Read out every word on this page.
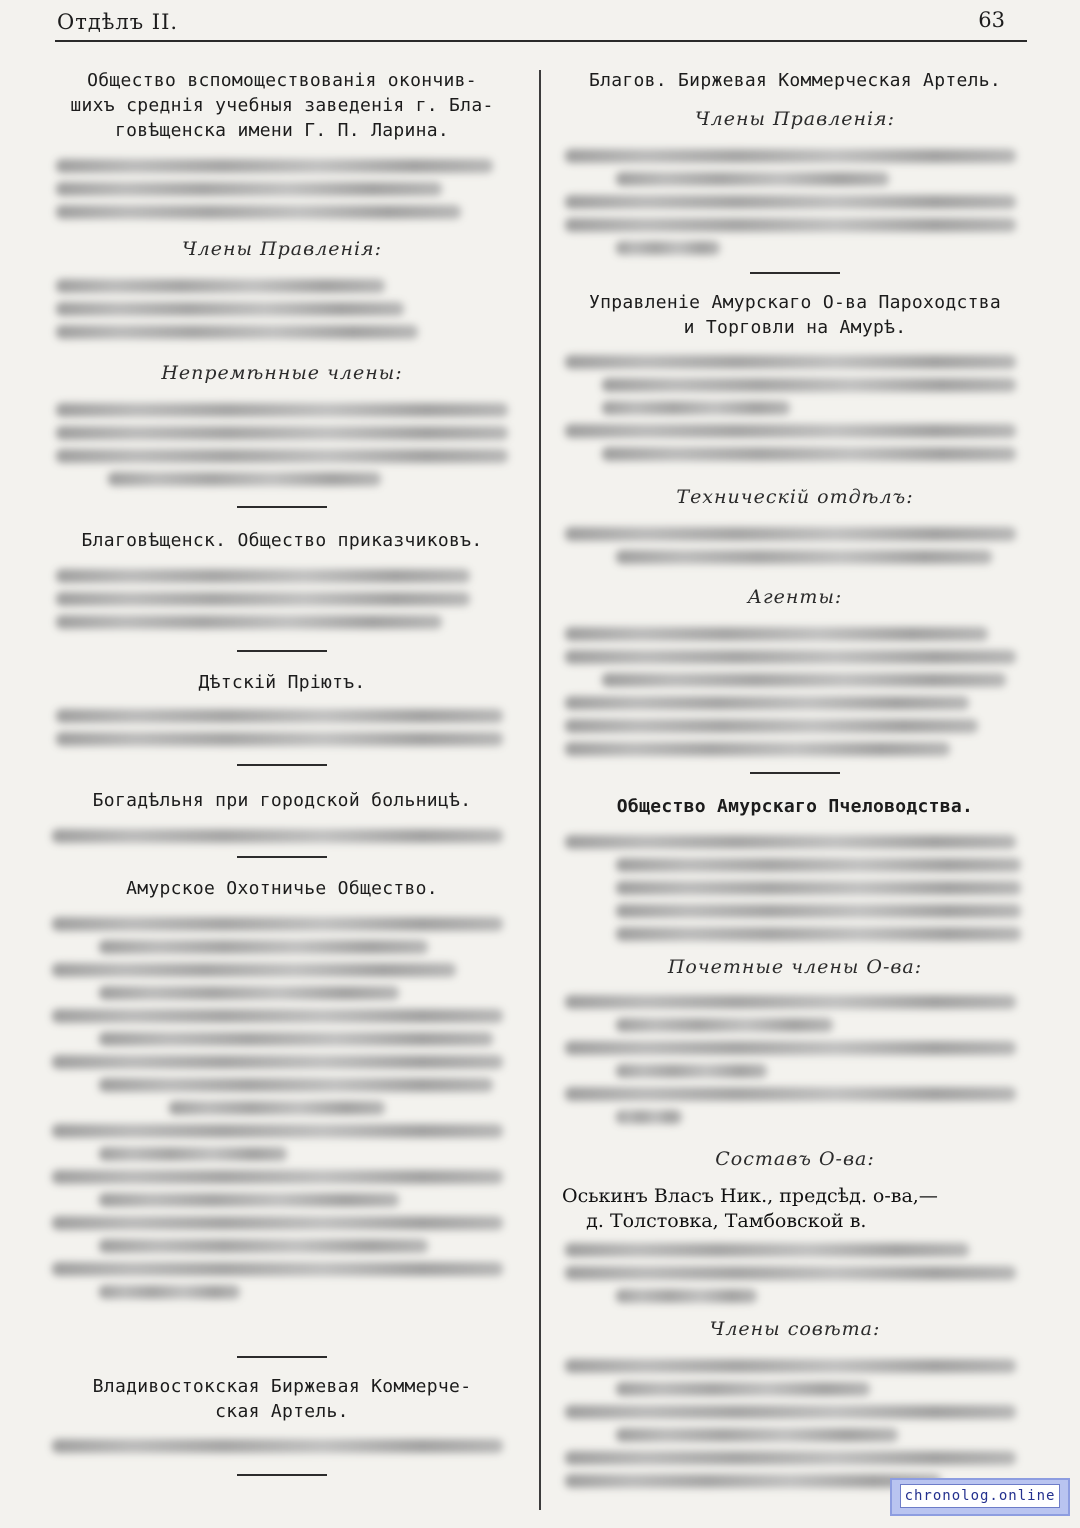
Отдѣлъ II.	63
Общество вспомоществованія окончив-
шихъ среднія учебныя заведенія г. Бла-
говѣщенска имени Г. П. Ларина.
Члены Правленія:
Непремѣнные члены:
Благовѣщенск. Общество приказчиковъ.
Дѣтскій Пріютъ.
Богадѣльня при городской больницѣ.
Амурское Охотничье Общество.
Владивостокская Биржевая Коммерче-
ская Артель.
Благов. Биржевая Коммерческая Артель.
Члены Правленія:
Управленіе Амурскаго О-ва Пароходства
и Торговли на Амурѣ.
Техническій отдѣлъ:
Агенты:
Общество Амурскаго Пчеловодства.
Почетные члены О-ва:
Составъ О-ва:
Оськинъ Власъ Ник., предсѣд. о-ва,—
д. Толстовка, Тамбовской в.
Члены совѣта:
chronolog.online
